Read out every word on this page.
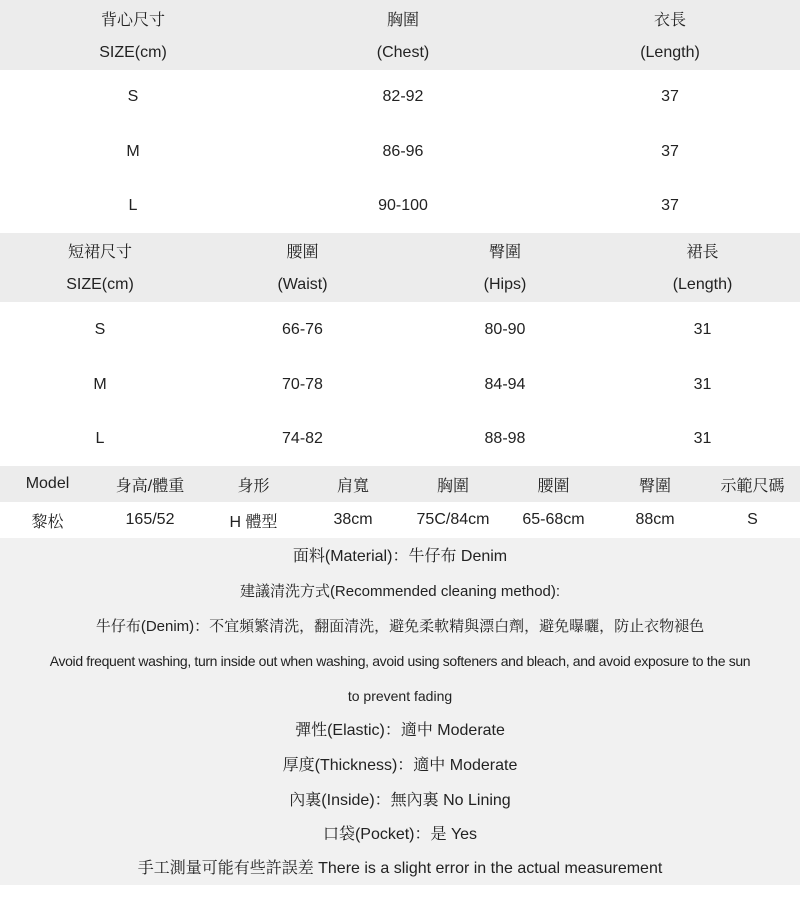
背心尺寸	胸圍	衣長
SIZE(cm)	(Chest)	(Length)
S	82-92	37
M	86-96	37
L	90-100	37
短裙尺寸	腰圍	臀圍	裙長
SIZE(cm)	(Waist)	(Hips)	(Length)
S	66-76	80-90	31
M	70-78	84-94	31
L	74-82	88-98	31
Model	身高/體重	身形	肩寬	胸圍	腰圍	臀圍	示範尺碼
黎松	165/52	H 體型	38cm	75C/84cm	65-68cm	88cm	S
面料(Material)：牛仔布 Denim
建議清洗方式(Recommended cleaning method):
牛仔布(Denim)：不宜頻繁清洗，翻面清洗，避免柔軟精與漂白劑，避免曝曬，防止衣物褪色
Avoid frequent washing, turn inside out when washing, avoid using softeners and bleach, and avoid exposure to the sun
to prevent fading
彈性(Elastic)：適中 Moderate
厚度(Thickness)：適中 Moderate
內裏(Inside)：無內裏 No Lining
口袋(Pocket)：是 Yes
手工測量可能有些許誤差 There is a slight error in the actual measurement
